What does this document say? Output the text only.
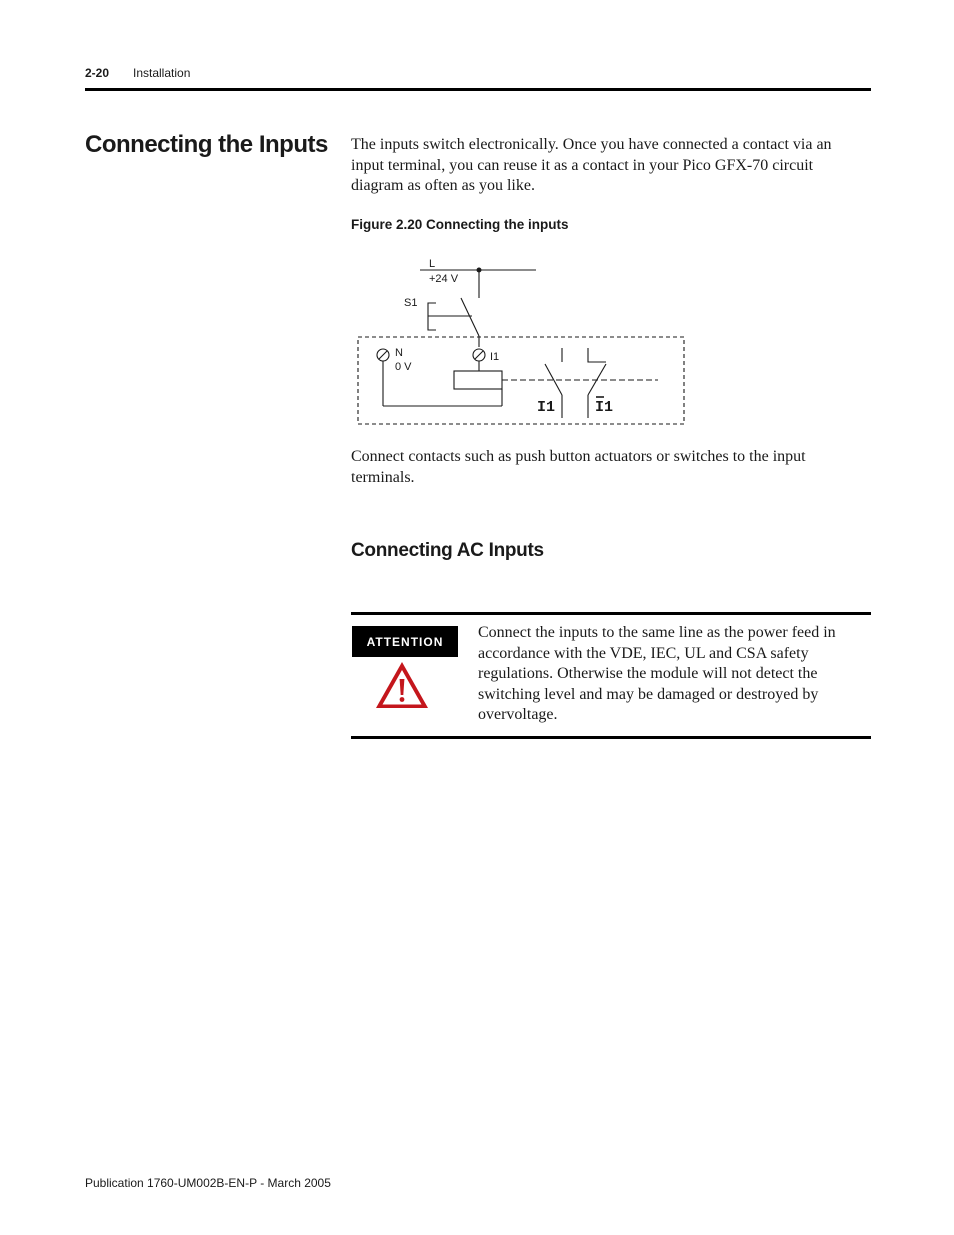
2-20 Installation
Connecting the Inputs The inputs switch electronically. Once you have connected a contact via an input terminal, you can reuse it as a contact in your Pico GFX-70 circuit diagram as often as you like.

Figure 2.20 Connecting the inputs
L
+24 V
S1
N
0 V
I1
I1	I1

Connect contacts such as push button actuators or switches to the input terminals.

Connecting AC Inputs
ATTENTION

Connect the inputs to the same line as the power feed in accordance with the VDE, IEC, UL and CSA safety regulations. Otherwise the module will not detect the switching level and may be damaged or destroyed by overvoltage.

Publication 1760-UM002B-EN-P - March 2005
